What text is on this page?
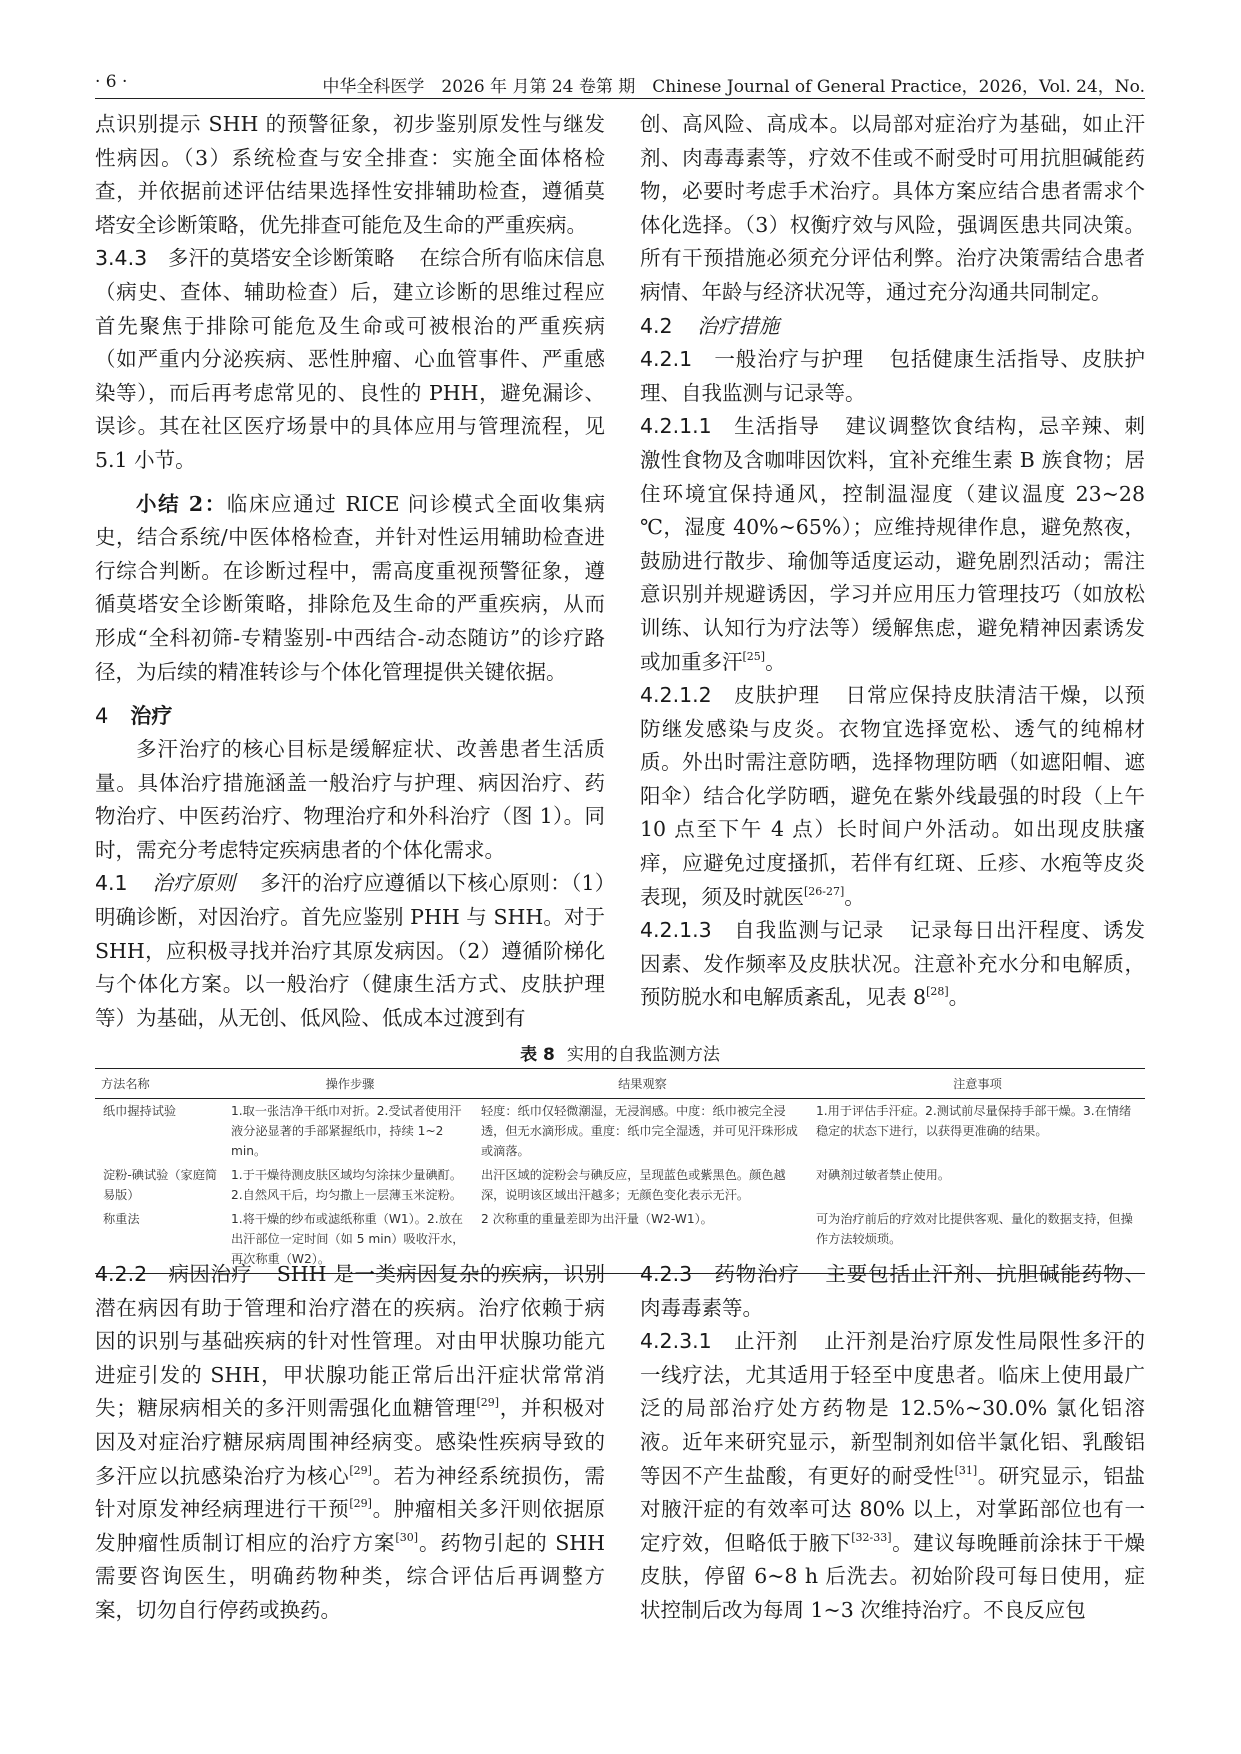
· 6 ·	中华全科医学　2026 年 月第 24 卷第 期　Chinese Journal of General Practice，2026，Vol. 24，No.

点识别提示 SHH 的预警征象，初步鉴别原发性与继发性病因。（3）系统检查与安全排查：实施全面体格检查，并依据前述评估结果选择性安排辅助检查，遵循莫塔安全诊断策略，优先排查可能危及生命的严重疾病。

3.4.3　多汗的莫塔安全诊断策略 在综合所有临床信息（病史、查体、辅助检查）后，建立诊断的思维过程应首先聚焦于排除可能危及生命或可被根治的严重疾病（如严重内分泌疾病、恶性肿瘤、心血管事件、严重感染等），而后再考虑常见的、良性的 PHH，避免漏诊、误诊。其在社区医疗场景中的具体应用与管理流程，见 5.1 小节。

小结 2：临床应通过 RICE 问诊模式全面收集病史，结合系统/中医体格检查，并针对性运用辅助检查进行综合判断。在诊断过程中，需高度重视预警征象，遵循莫塔安全诊断策略，排除危及生命的严重疾病，从而形成“全科初筛-专精鉴别-中西结合-动态随访”的诊疗路径，为后续的精准转诊与个体化管理提供关键依据。

4 治疗

多汗治疗的核心目标是缓解症状、改善患者生活质量。具体治疗措施涵盖一般治疗与护理、病因治疗、药物治疗、中医药治疗、物理治疗和外科治疗（图 1）。同时，需充分考虑特定疾病患者的个体化需求。

4.1 治疗原则 多汗的治疗应遵循以下核心原则：（1）明确诊断，对因治疗。首先应鉴别 PHH 与 SHH。对于 SHH，应积极寻找并治疗其原发病因。（2）遵循阶梯化与个体化方案。以一般治疗（健康生活方式、皮肤护理等）为基础，从无创、低风险、低成本过渡到有

创、高风险、高成本。以局部对症治疗为基础，如止汗剂、肉毒毒素等，疗效不佳或不耐受时可用抗胆碱能药物，必要时考虑手术治疗。具体方案应结合患者需求个体化选择。（3）权衡疗效与风险，强调医患共同决策。所有干预措施必须充分评估利弊。治疗决策需结合患者病情、年龄与经济状况等，通过充分沟通共同制定。

4.2 治疗措施

4.2.1　一般治疗与护理 包括健康生活指导、皮肤护理、自我监测与记录等。

4.2.1.1　生活指导 建议调整饮食结构，忌辛辣、刺激性食物及含咖啡因饮料，宜补充维生素 B 族食物；居住环境宜保持通风，控制温湿度（建议温度 23~28 ℃，湿度 40%~65%）；应维持规律作息，避免熬夜，鼓励进行散步、瑜伽等适度运动，避免剧烈活动；需注意识别并规避诱因，学习并应用压力管理技巧（如放松训练、认知行为疗法等）缓解焦虑，避免精神因素诱发或加重多汗[25]。

4.2.1.2　皮肤护理 日常应保持皮肤清洁干燥，以预防继发感染与皮炎。衣物宜选择宽松、透气的纯棉材质。外出时需注意防晒，选择物理防晒（如遮阳帽、遮阳伞）结合化学防晒，避免在紫外线最强的时段（上午 10 点至下午 4 点）长时间户外活动。如出现皮肤瘙痒，应避免过度搔抓，若伴有红斑、丘疹、水疱等皮炎表现，须及时就医[26-27]。

4.2.1.3　自我监测与记录 记录每日出汗程度、诱发因素、发作频率及皮肤状况。注意补充水分和电解质，预防脱水和电解质紊乱，见表 8[28]。

表 8 实用的自我监测方法
方法名称	操作步骤	结果观察	注意事项
纸巾握持试验	1.取一张洁净干纸巾对折。2.受试者使用汗液分泌显著的手部紧握纸巾，持续 1~2 min。	轻度：纸巾仅轻微潮湿，无浸润感。中度：纸巾被完全浸透，但无水滴形成。重度：纸巾完全湿透，并可见汗珠形成或滴落。	1.用于评估手汗症。2.测试前尽量保持手部干燥。3.在情绪稳定的状态下进行，以获得更准确的结果。
淀粉-碘试验（家庭简易版）	1.于干燥待测皮肤区域均匀涂抹少量碘酊。2.自然风干后，均匀撒上一层薄玉米淀粉。	出汗区域的淀粉会与碘反应，呈现蓝色或紫黑色。颜色越深，说明该区域出汗越多；无颜色变化表示无汗。	对碘剂过敏者禁止使用。
称重法	1.将干燥的纱布或滤纸称重（W1）。2.放在出汗部位一定时间（如 5 min）吸收汗水，再次称重（W2）。	2 次称重的重量差即为出汗量（W2-W1）。	可为治疗前后的疗效对比提供客观、量化的数据支持，但操作方法较烦琐。

4.2.2　病因治疗 SHH 是一类病因复杂的疾病，识别潜在病因有助于管理和治疗潜在的疾病。治疗依赖于病因的识别与基础疾病的针对性管理。对由甲状腺功能亢进症引发的 SHH，甲状腺功能正常后出汗症状常常消失；糖尿病相关的多汗则需强化血糖管理[29]，并积极对因及对症治疗糖尿病周围神经病变。感染性疾病导致的多汗应以抗感染治疗为核心[29]。若为神经系统损伤，需针对原发神经病理进行干预[29]。肿瘤相关多汗则依据原发肿瘤性质制订相应的治疗方案[30]。药物引起的 SHH 需要咨询医生，明确药物种类，综合评估后再调整方案，切勿自行停药或换药。

4.2.3　药物治疗 主要包括止汗剂、抗胆碱能药物、肉毒毒素等。

4.2.3.1　止汗剂 止汗剂是治疗原发性局限性多汗的一线疗法，尤其适用于轻至中度患者。临床上使用最广泛的局部治疗处方药物是 12.5%~30.0% 氯化铝溶液。近年来研究显示，新型制剂如倍半氯化铝、乳酸铝等因不产生盐酸，有更好的耐受性[31]。研究显示，铝盐对腋汗症的有效率可达 80% 以上，对掌跖部位也有一定疗效，但略低于腋下[32-33]。建议每晚睡前涂抹于干燥皮肤，停留 6~8 h 后洗去。初始阶段可每日使用，症状控制后改为每周 1~3 次维持治疗。不良反应包
